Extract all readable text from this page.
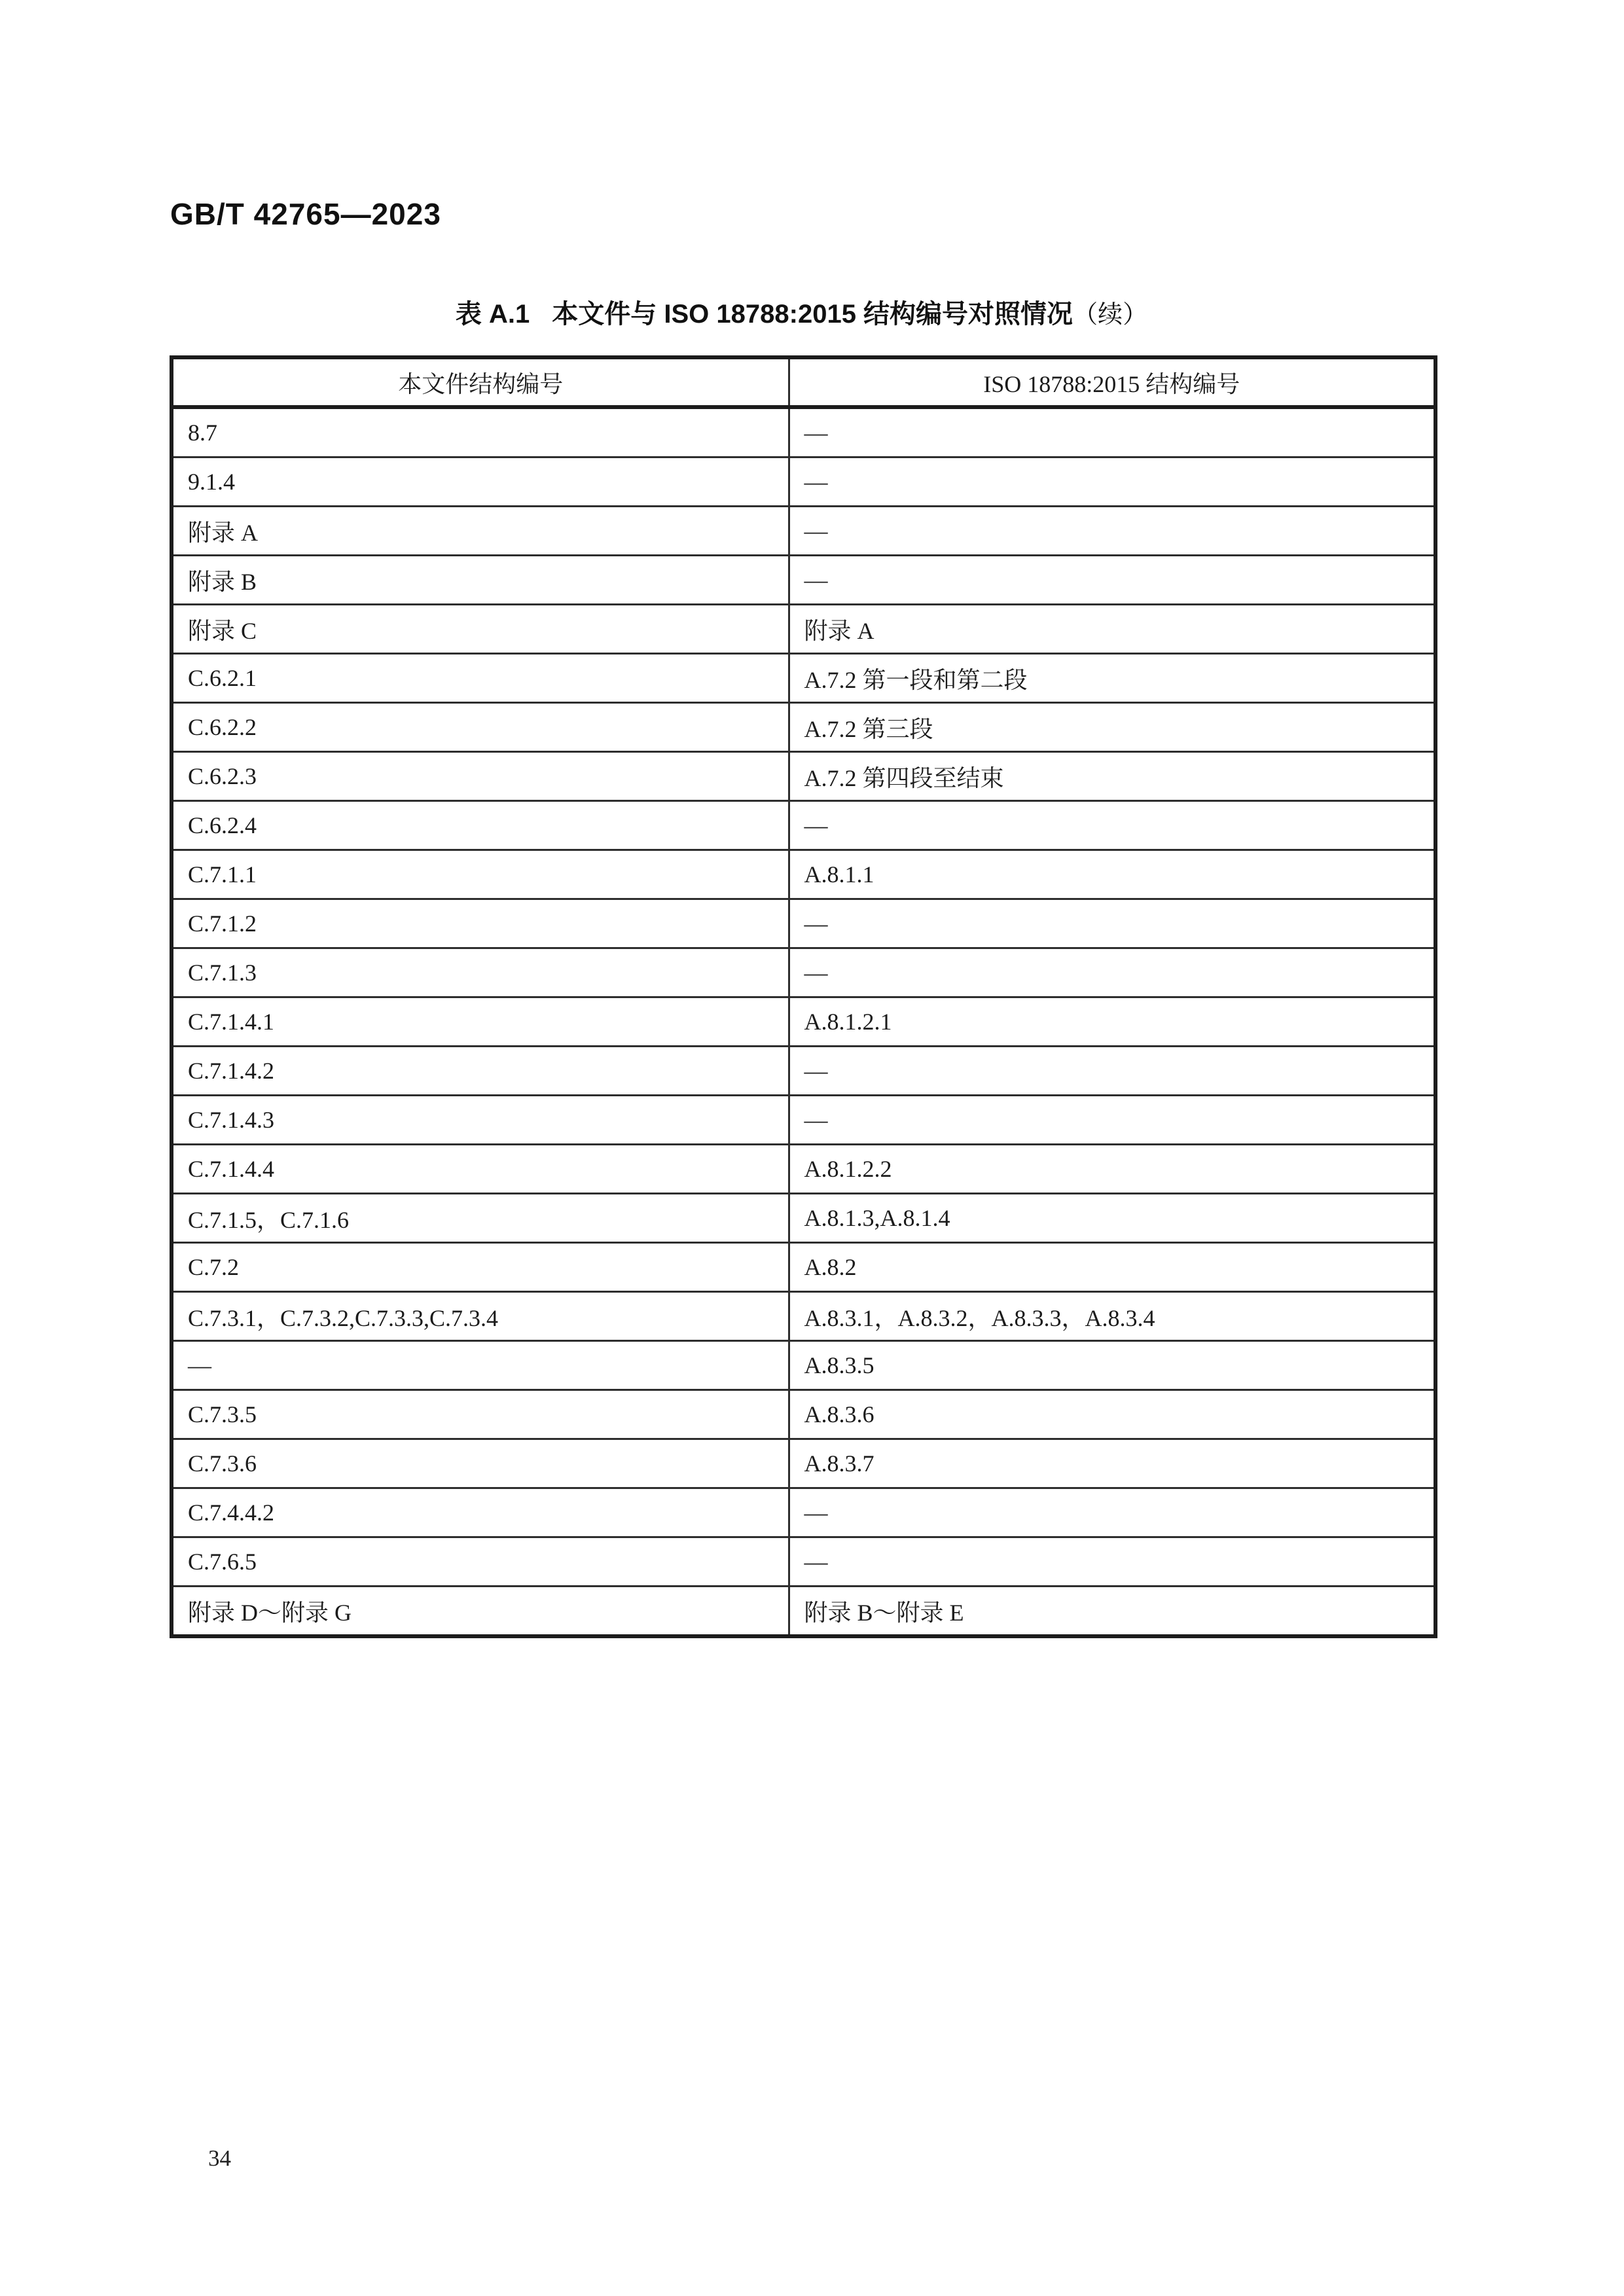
GB/T 42765—2023
表 A.1 本文件与 ISO 18788:2015 结构编号对照情况（续）
本文件结构编号	ISO 18788:2015 结构编号
8.7	—
9.1.4	—
附录 A	—
附录 B	—
附录 C	附录 A
C.6.2.1	A.7.2 第一段和第二段
C.6.2.2	A.7.2 第三段
C.6.2.3	A.7.2 第四段至结束
C.6.2.4	—
C.7.1.1	A.8.1.1
C.7.1.2	—
C.7.1.3	—
C.7.1.4.1	A.8.1.2.1
C.7.1.4.2	—
C.7.1.4.3	—
C.7.1.4.4	A.8.1.2.2
C.7.1.5，C.7.1.6	A.8.1.3,A.8.1.4
C.7.2	A.8.2
C.7.3.1，C.7.3.2,C.7.3.3,C.7.3.4	A.8.3.1，A.8.3.2，A.8.3.3，A.8.3.4
—	A.8.3.5
C.7.3.5	A.8.3.6
C.7.3.6	A.8.3.7
C.7.4.4.2	—
C.7.6.5	—
附录 D～附录 G	附录 B～附录 E
34
